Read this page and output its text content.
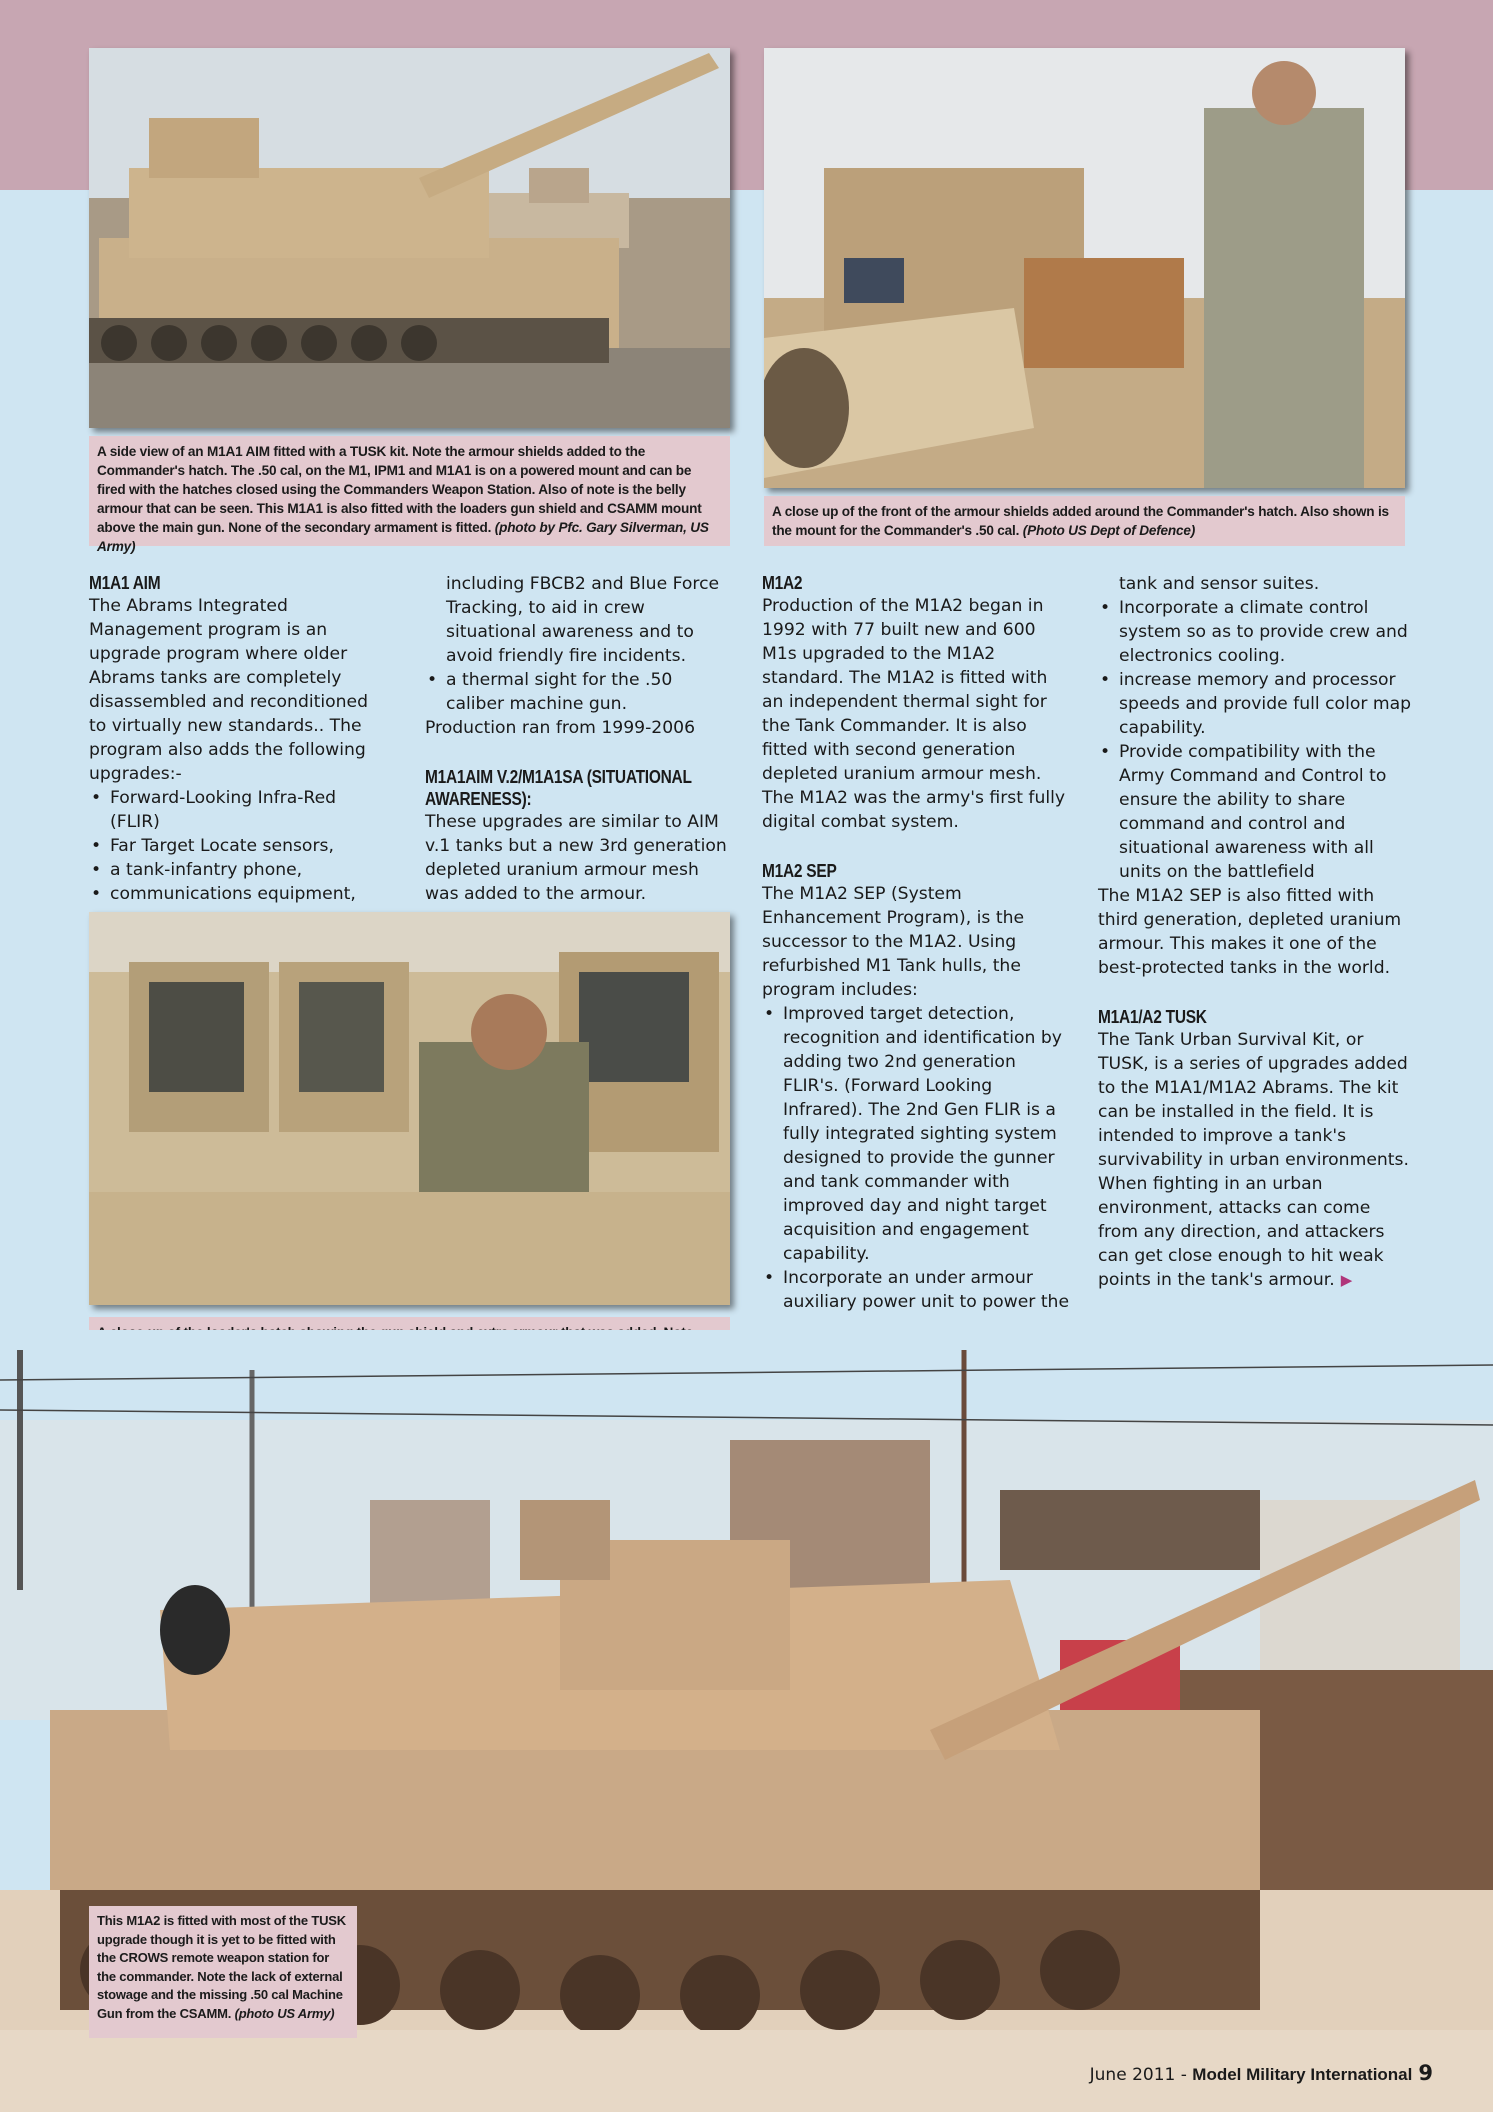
A side view of an M1A1 AIM fitted with a TUSK kit. Note the armour shields added to the Commander's hatch. The .50 cal, on the M1, IPM1 and M1A1 is on a powered mount and can be fired with the hatches closed using the Commanders Weapon Station. Also of note is the belly armour that can be seen. This M1A1 is also fitted with the loaders gun shield and CSAMM mount above the main gun. None of the secondary armament is fitted. (photo by Pfc. Gary Silverman, US Army)
A close up of the front of the armour shields added around the Commander's hatch. Also shown is the mount for the Commander's .50 cal. (Photo US Dept of Defence)
M1A1 AIM

The Abrams Integrated Management program is an upgrade program where older Abrams tanks are completely disassembled and reconditioned to virtually new standards.. The program also adds the following upgrades:-

• Forward-Looking Infra-Red (FLIR)
• Far Target Locate sensors,
• a tank-infantry phone,
• communications equipment,

including FBCB2 and Blue Force Tracking, to aid in crew situational awareness and to avoid friendly fire incidents.

• a thermal sight for the .50 caliber machine gun.

Production ran from 1999-2006

M1A1AIM V.2/M1A1SA (SITUATIONAL AWARENESS):

These upgrades are similar to AIM v.1 tanks but a new 3rd generation depleted uranium armour mesh was added to the armour.

M1A2

Production of the M1A2 began in 1992 with 77 built new and 600 M1s upgraded to the M1A2 standard. The M1A2 is fitted with an independent thermal sight for the Tank Commander. It is also fitted with second generation depleted uranium armour mesh. The M1A2 was the army's first fully digital combat system.

M1A2 SEP

The M1A2 SEP (System Enhancement Program), is the successor to the M1A2. Using refurbished M1 Tank hulls, the program includes:

• Improved target detection, recognition and identification by adding two 2nd generation FLIR's. (Forward Looking Infrared). The 2nd Gen FLIR is a fully integrated sighting system designed to provide the gunner and tank commander with improved day and night target acquisition and engagement capability.
• Incorporate an under armour auxiliary power unit to power the

tank and sensor suites.

• Incorporate a climate control system so as to provide crew and electronics cooling.
• increase memory and processor speeds and provide full color map capability.
• Provide compatibility with the Army Command and Control to ensure the ability to share command and control and situational awareness with all units on the battlefield

The M1A2 SEP is also fitted with third generation, depleted uranium armour. This makes it one of the best-protected tanks in the world.

M1A1/A2 TUSK

The Tank Urban Survival Kit, or TUSK, is a series of upgrades added to the M1A1/M1A2 Abrams. The kit can be installed in the field. It is intended to improve a tank's survivability in urban environments. When fighting in an urban environment, attacks can come from any direction, and attackers can get close enough to hit weak points in the tank's armour. ▶

This M1A2 is fitted with most of the TUSK upgrade though it is yet to be fitted with the CROWS remote weapon station for the commander. Note the lack of external stowage and the missing .50 cal Machine Gun from the CSAMM. (photo US Army)
June 2011 - Model Military International 9
